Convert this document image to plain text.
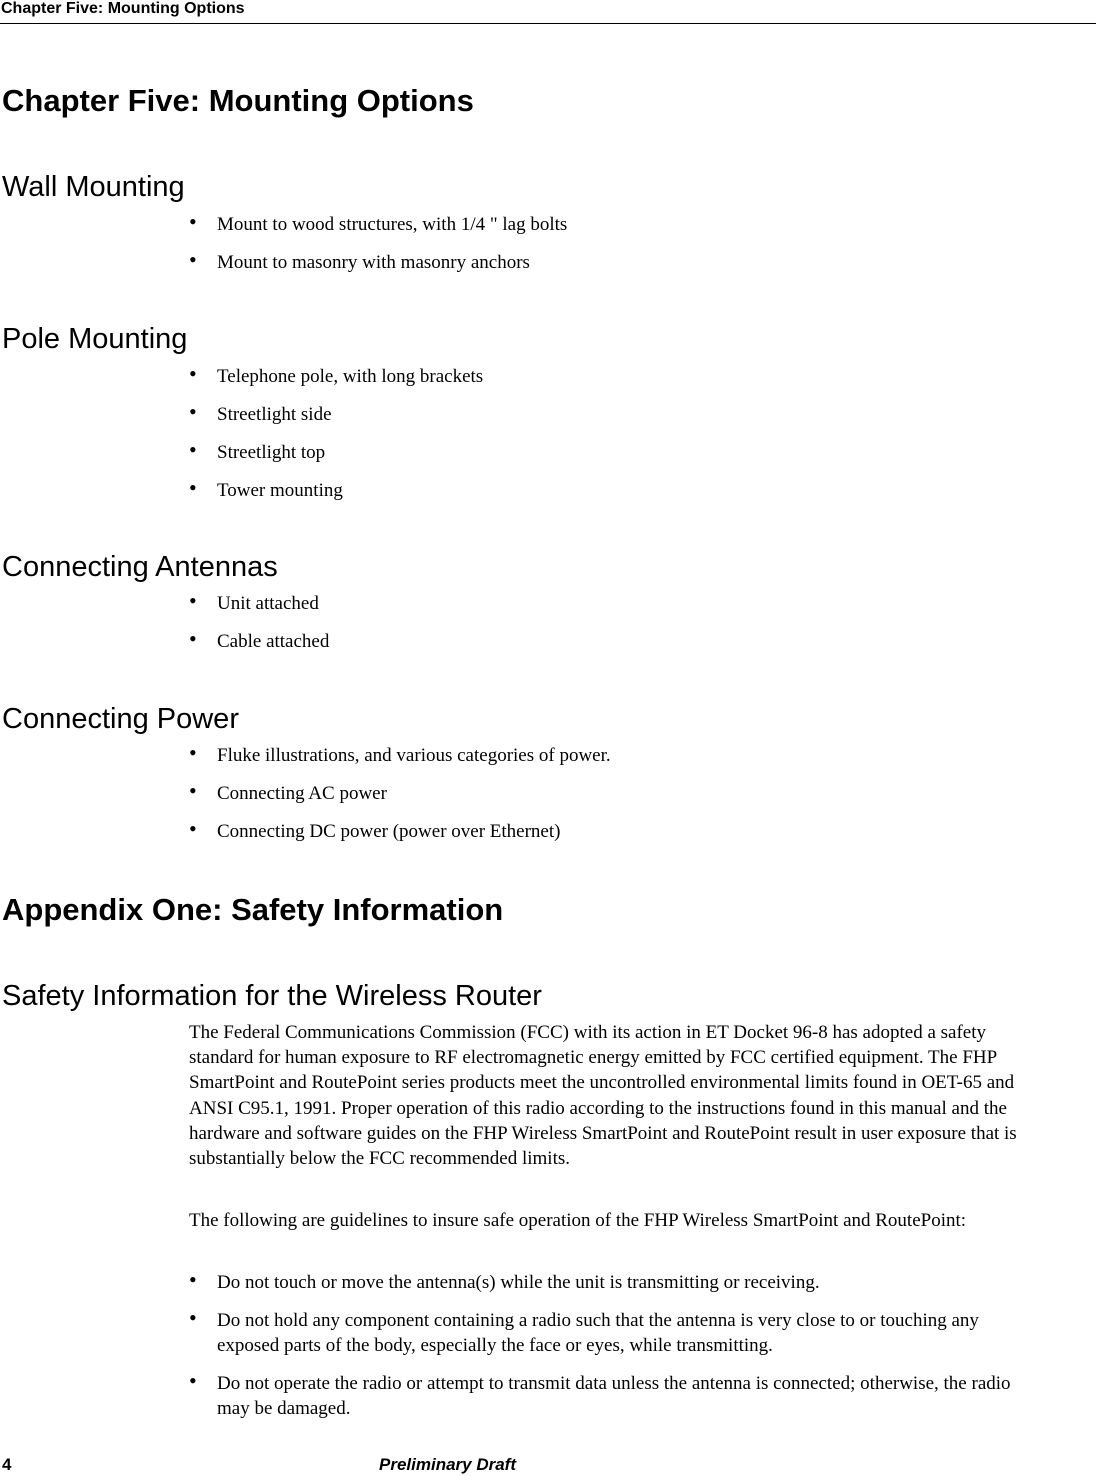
Chapter Five: Mounting Options
Chapter Five: Mounting Options
Wall Mounting
• Mount to wood structures, with 1/4 " lag bolts
• Mount to masonry with masonry anchors
Pole Mounting
• Telephone pole, with long brackets
• Streetlight side
• Streetlight top
• Tower mounting
Connecting Antennas
• Unit attached
• Cable attached
Connecting Power
• Fluke illustrations, and various categories of power.
• Connecting AC power
• Connecting DC power (power over Ethernet)
Appendix One: Safety Information
Safety Information for the Wireless Router

The Federal Communications Commission (FCC) with its action in ET Docket 96-8 has adopted a safety standard for human exposure to RF electromagnetic energy emitted by FCC certified equipment. The FHP SmartPoint and RoutePoint series products meet the uncontrolled environmental limits found in OET-65 and ANSI C95.1, 1991. Proper operation of this radio according to the instructions found in this manual and the hardware and software guides on the FHP Wireless SmartPoint and RoutePoint result in user exposure that is substantially below the FCC recommended limits.

The following are guidelines to insure safe operation of the FHP Wireless SmartPoint and RoutePoint:

• Do not touch or move the antenna(s) while the unit is transmitting or receiving.
• Do not hold any component containing a radio such that the antenna is very close to or touching any exposed parts of the body, especially the face or eyes, while transmitting.
• Do not operate the radio or attempt to transmit data unless the antenna is connected; otherwise, the radio may be damaged.
4	Preliminary Draft
